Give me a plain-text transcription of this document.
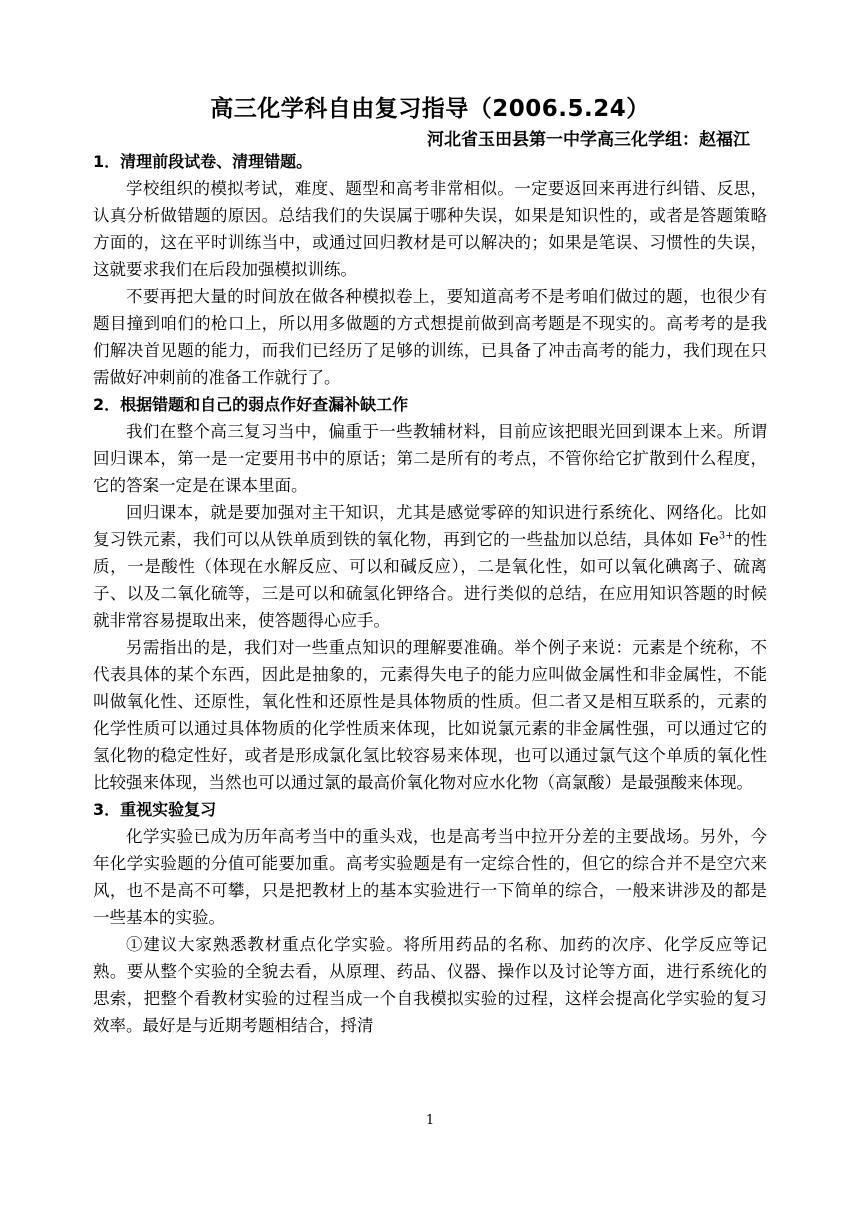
高三化学科自由复习指导（2006.5.24）
河北省玉田县第一中学高三化学组：赵福江

1．清理前段试卷、清理错题。

学校组织的模拟考试，难度、题型和高考非常相似。一定要返回来再进行纠错、反思，认真分析做错题的原因。总结我们的失误属于哪种失误，如果是知识性的，或者是答题策略方面的，这在平时训练当中，或通过回归教材是可以解决的；如果是笔误、习惯性的失误，这就要求我们在后段加强模拟训练。

不要再把大量的时间放在做各种模拟卷上，要知道高考不是考咱们做过的题，也很少有题目撞到咱们的枪口上，所以用多做题的方式想提前做到高考题是不现实的。高考考的是我们解决首见题的能力，而我们已经历了足够的训练，已具备了冲击高考的能力，我们现在只需做好冲刺前的准备工作就行了。

2．根据错题和自己的弱点作好查漏补缺工作

我们在整个高三复习当中，偏重于一些教辅材料，目前应该把眼光回到课本上来。所谓回归课本，第一是一定要用书中的原话；第二是所有的考点，不管你给它扩散到什么程度，它的答案一定是在课本里面。

回归课本，就是要加强对主干知识，尤其是感觉零碎的知识进行系统化、网络化。比如复习铁元素，我们可以从铁单质到铁的氧化物，再到它的一些盐加以总结，具体如 $Fe^{3+}$的性质，一是酸性（体现在水解反应、可以和碱反应），二是氧化性，如可以氧化碘离子、硫离子、以及二氧化硫等，三是可以和硫氢化钾络合。进行类似的总结，在应用知识答题的时候就非常容易提取出来，使答题得心应手。

另需指出的是，我们对一些重点知识的理解要准确。举个例子来说：元素是个统称，不代表具体的某个东西，因此是抽象的，元素得失电子的能力应叫做金属性和非金属性，不能叫做氧化性、还原性，氧化性和还原性是具体物质的性质。但二者又是相互联系的，元素的化学性质可以通过具体物质的化学性质来体现，比如说氯元素的非金属性强，可以通过它的氢化物的稳定性好，或者是形成氯化氢比较容易来体现，也可以通过氯气这个单质的氧化性比较强来体现，当然也可以通过氯的最高价氧化物对应水化物（高氯酸）是最强酸来体现。

3．重视实验复习

化学实验已成为历年高考当中的重头戏，也是高考当中拉开分差的主要战场。另外，今年化学实验题的分值可能要加重。高考实验题是有一定综合性的，但它的综合并不是空穴来风，也不是高不可攀，只是把教材上的基本实验进行一下简单的综合，一般来讲涉及的都是一些基本的实验。

①建议大家熟悉教材重点化学实验。将所用药品的名称、加药的次序、化学反应等记熟。要从整个实验的全貌去看，从原理、药品、仪器、操作以及讨论等方面，进行系统化的思索，把整个看教材实验的过程当成一个自我模拟实验的过程，这样会提高化学实验的复习效率。最好是与近期考题相结合，捋清

1
